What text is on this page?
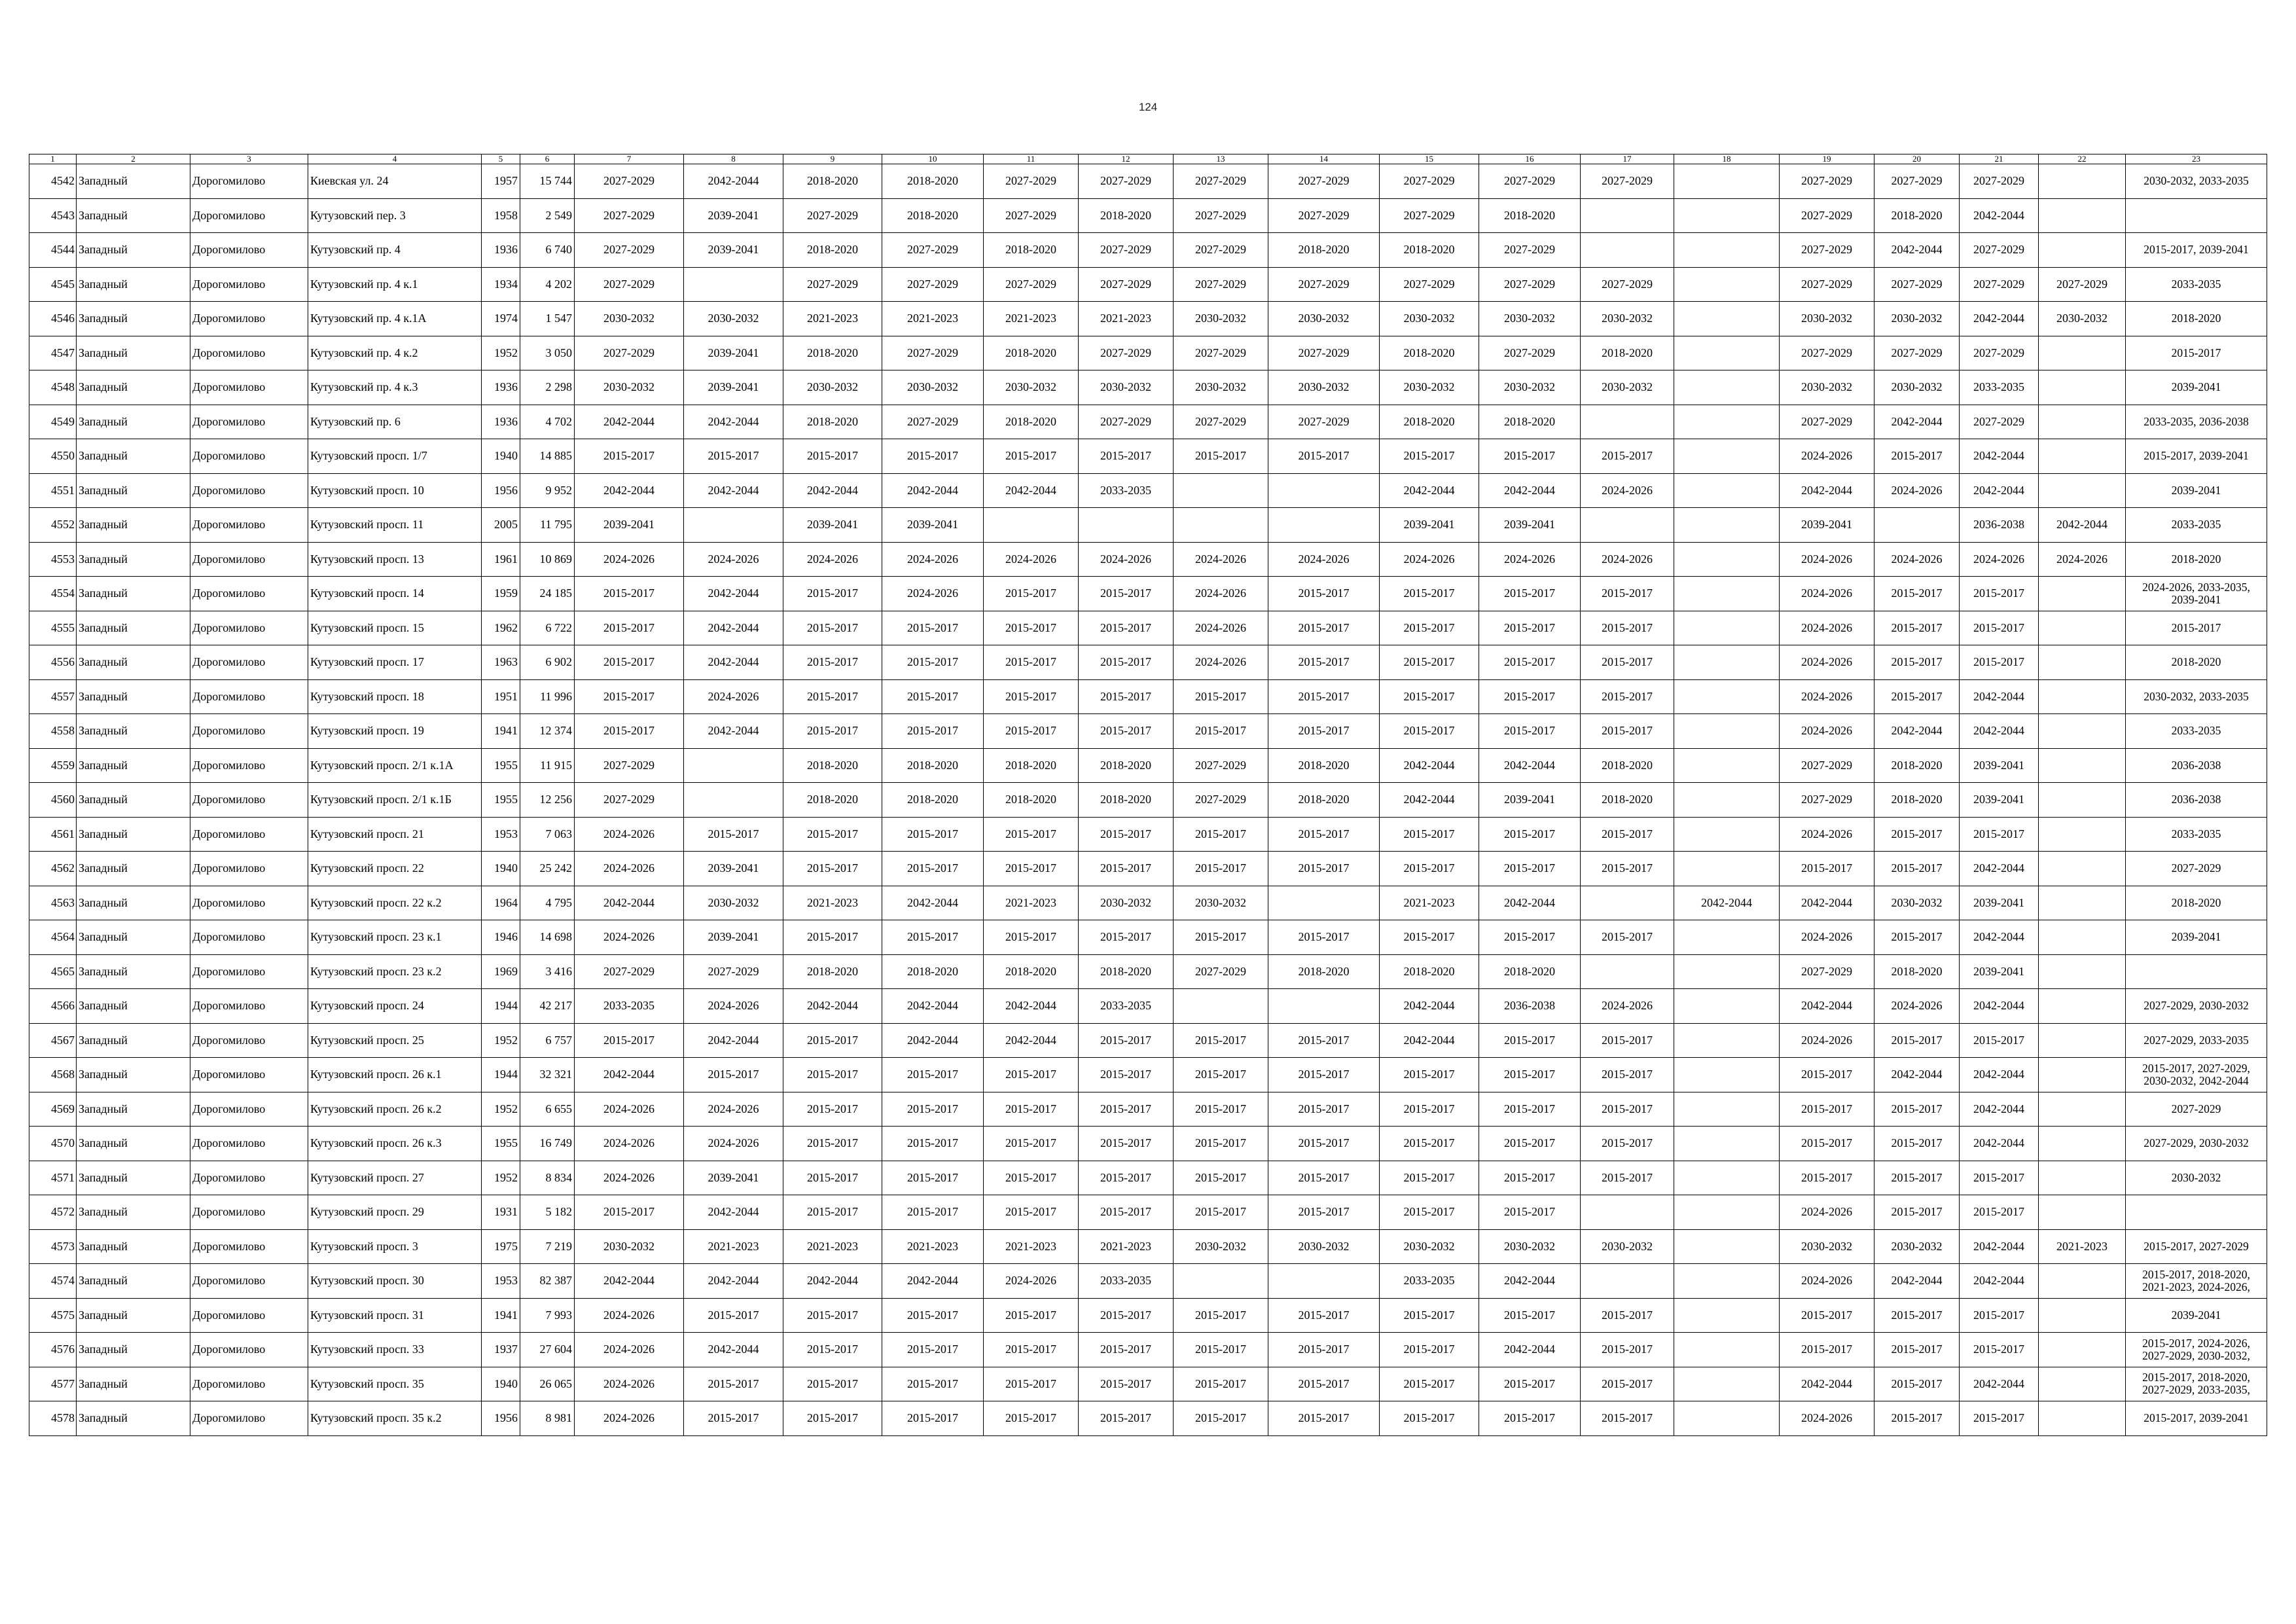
124
1	2	3	4	5	6	7	8	9	10	11	12	13	14	15	16	17	18	19	20	21	22	23
4542	Западный	Дорогомилово	Киевская ул. 24	1957	15 744	2027-2029	2042-2044	2018-2020	2018-2020	2027-2029	2027-2029	2027-2029	2027-2029	2027-2029	2027-2029	2027-2029		2027-2029	2027-2029	2027-2029		2030-2032, 2033-2035
4543	Западный	Дорогомилово	Кутузовский пер. 3	1958	2 549	2027-2029	2039-2041	2027-2029	2018-2020	2027-2029	2018-2020	2027-2029	2027-2029	2027-2029	2018-2020			2027-2029	2018-2020	2042-2044		
4544	Западный	Дорогомилово	Кутузовский пр. 4	1936	6 740	2027-2029	2039-2041	2018-2020	2027-2029	2018-2020	2027-2029	2027-2029	2018-2020	2018-2020	2027-2029			2027-2029	2042-2044	2027-2029		2015-2017, 2039-2041
4545	Западный	Дорогомилово	Кутузовский пр. 4 к.1	1934	4 202	2027-2029		2027-2029	2027-2029	2027-2029	2027-2029	2027-2029	2027-2029	2027-2029	2027-2029	2027-2029		2027-2029	2027-2029	2027-2029	2027-2029	2033-2035
4546	Западный	Дорогомилово	Кутузовский пр. 4 к.1А	1974	1 547	2030-2032	2030-2032	2021-2023	2021-2023	2021-2023	2021-2023	2030-2032	2030-2032	2030-2032	2030-2032	2030-2032		2030-2032	2030-2032	2042-2044	2030-2032	2018-2020
4547	Западный	Дорогомилово	Кутузовский пр. 4 к.2	1952	3 050	2027-2029	2039-2041	2018-2020	2027-2029	2018-2020	2027-2029	2027-2029	2027-2029	2018-2020	2027-2029	2018-2020		2027-2029	2027-2029	2027-2029		2015-2017
4548	Западный	Дорогомилово	Кутузовский пр. 4 к.3	1936	2 298	2030-2032	2039-2041	2030-2032	2030-2032	2030-2032	2030-2032	2030-2032	2030-2032	2030-2032	2030-2032	2030-2032		2030-2032	2030-2032	2033-2035		2039-2041
4549	Западный	Дорогомилово	Кутузовский пр. 6	1936	4 702	2042-2044	2042-2044	2018-2020	2027-2029	2018-2020	2027-2029	2027-2029	2027-2029	2018-2020	2018-2020			2027-2029	2042-2044	2027-2029		2033-2035, 2036-2038
4550	Западный	Дорогомилово	Кутузовский просп. 1/7	1940	14 885	2015-2017	2015-2017	2015-2017	2015-2017	2015-2017	2015-2017	2015-2017	2015-2017	2015-2017	2015-2017	2015-2017		2024-2026	2015-2017	2042-2044		2015-2017, 2039-2041
4551	Западный	Дорогомилово	Кутузовский просп. 10	1956	9 952	2042-2044	2042-2044	2042-2044	2042-2044	2042-2044	2033-2035			2042-2044	2042-2044	2024-2026		2042-2044	2024-2026	2042-2044		2039-2041
4552	Западный	Дорогомилово	Кутузовский просп. 11	2005	11 795	2039-2041		2039-2041	2039-2041					2039-2041	2039-2041			2039-2041		2036-2038	2042-2044	2033-2035
4553	Западный	Дорогомилово	Кутузовский просп. 13	1961	10 869	2024-2026	2024-2026	2024-2026	2024-2026	2024-2026	2024-2026	2024-2026	2024-2026	2024-2026	2024-2026	2024-2026		2024-2026	2024-2026	2024-2026	2024-2026	2018-2020
4554	Западный	Дорогомилово	Кутузовский просп. 14	1959	24 185	2015-2017	2042-2044	2015-2017	2024-2026	2015-2017	2015-2017	2024-2026	2015-2017	2015-2017	2015-2017	2015-2017		2024-2026	2015-2017	2015-2017		2024-2026, 2033-2035, 2039-2041
4555	Западный	Дорогомилово	Кутузовский просп. 15	1962	6 722	2015-2017	2042-2044	2015-2017	2015-2017	2015-2017	2015-2017	2024-2026	2015-2017	2015-2017	2015-2017	2015-2017		2024-2026	2015-2017	2015-2017		2015-2017
4556	Западный	Дорогомилово	Кутузовский просп. 17	1963	6 902	2015-2017	2042-2044	2015-2017	2015-2017	2015-2017	2015-2017	2024-2026	2015-2017	2015-2017	2015-2017	2015-2017		2024-2026	2015-2017	2015-2017		2018-2020
4557	Западный	Дорогомилово	Кутузовский просп. 18	1951	11 996	2015-2017	2024-2026	2015-2017	2015-2017	2015-2017	2015-2017	2015-2017	2015-2017	2015-2017	2015-2017	2015-2017		2024-2026	2015-2017	2042-2044		2030-2032, 2033-2035
4558	Западный	Дорогомилово	Кутузовский просп. 19	1941	12 374	2015-2017	2042-2044	2015-2017	2015-2017	2015-2017	2015-2017	2015-2017	2015-2017	2015-2017	2015-2017	2015-2017		2024-2026	2042-2044	2042-2044		2033-2035
4559	Западный	Дорогомилово	Кутузовский просп. 2/1 к.1А	1955	11 915	2027-2029		2018-2020	2018-2020	2018-2020	2018-2020	2027-2029	2018-2020	2042-2044	2042-2044	2018-2020		2027-2029	2018-2020	2039-2041		2036-2038
4560	Западный	Дорогомилово	Кутузовский просп. 2/1 к.1Б	1955	12 256	2027-2029		2018-2020	2018-2020	2018-2020	2018-2020	2027-2029	2018-2020	2042-2044	2039-2041	2018-2020		2027-2029	2018-2020	2039-2041		2036-2038
4561	Западный	Дорогомилово	Кутузовский просп. 21	1953	7 063	2024-2026	2015-2017	2015-2017	2015-2017	2015-2017	2015-2017	2015-2017	2015-2017	2015-2017	2015-2017	2015-2017		2024-2026	2015-2017	2015-2017		2033-2035
4562	Западный	Дорогомилово	Кутузовский просп. 22	1940	25 242	2024-2026	2039-2041	2015-2017	2015-2017	2015-2017	2015-2017	2015-2017	2015-2017	2015-2017	2015-2017	2015-2017		2015-2017	2015-2017	2042-2044		2027-2029
4563	Западный	Дорогомилово	Кутузовский просп. 22 к.2	1964	4 795	2042-2044	2030-2032	2021-2023	2042-2044	2021-2023	2030-2032	2030-2032		2021-2023	2042-2044		2042-2044	2042-2044	2030-2032	2039-2041		2018-2020
4564	Западный	Дорогомилово	Кутузовский просп. 23 к.1	1946	14 698	2024-2026	2039-2041	2015-2017	2015-2017	2015-2017	2015-2017	2015-2017	2015-2017	2015-2017	2015-2017	2015-2017		2024-2026	2015-2017	2042-2044		2039-2041
4565	Западный	Дорогомилово	Кутузовский просп. 23 к.2	1969	3 416	2027-2029	2027-2029	2018-2020	2018-2020	2018-2020	2018-2020	2027-2029	2018-2020	2018-2020	2018-2020			2027-2029	2018-2020	2039-2041		
4566	Западный	Дорогомилово	Кутузовский просп. 24	1944	42 217	2033-2035	2024-2026	2042-2044	2042-2044	2042-2044	2033-2035			2042-2044	2036-2038	2024-2026		2042-2044	2024-2026	2042-2044		2027-2029, 2030-2032
4567	Западный	Дорогомилово	Кутузовский просп. 25	1952	6 757	2015-2017	2042-2044	2015-2017	2042-2044	2042-2044	2015-2017	2015-2017	2015-2017	2042-2044	2015-2017	2015-2017		2024-2026	2015-2017	2015-2017		2027-2029, 2033-2035
4568	Западный	Дорогомилово	Кутузовский просп. 26 к.1	1944	32 321	2042-2044	2015-2017	2015-2017	2015-2017	2015-2017	2015-2017	2015-2017	2015-2017	2015-2017	2015-2017	2015-2017		2015-2017	2042-2044	2042-2044		2015-2017, 2027-2029, 2030-2032, 2042-2044
4569	Западный	Дорогомилово	Кутузовский просп. 26 к.2	1952	6 655	2024-2026	2024-2026	2015-2017	2015-2017	2015-2017	2015-2017	2015-2017	2015-2017	2015-2017	2015-2017	2015-2017		2015-2017	2015-2017	2042-2044		2027-2029
4570	Западный	Дорогомилово	Кутузовский просп. 26 к.3	1955	16 749	2024-2026	2024-2026	2015-2017	2015-2017	2015-2017	2015-2017	2015-2017	2015-2017	2015-2017	2015-2017	2015-2017		2015-2017	2015-2017	2042-2044		2027-2029, 2030-2032
4571	Западный	Дорогомилово	Кутузовский просп. 27	1952	8 834	2024-2026	2039-2041	2015-2017	2015-2017	2015-2017	2015-2017	2015-2017	2015-2017	2015-2017	2015-2017	2015-2017		2015-2017	2015-2017	2015-2017		2030-2032
4572	Западный	Дорогомилово	Кутузовский просп. 29	1931	5 182	2015-2017	2042-2044	2015-2017	2015-2017	2015-2017	2015-2017	2015-2017	2015-2017	2015-2017	2015-2017			2024-2026	2015-2017	2015-2017		
4573	Западный	Дорогомилово	Кутузовский просп. 3	1975	7 219	2030-2032	2021-2023	2021-2023	2021-2023	2021-2023	2021-2023	2030-2032	2030-2032	2030-2032	2030-2032	2030-2032		2030-2032	2030-2032	2042-2044	2021-2023	2015-2017, 2027-2029
4574	Западный	Дорогомилово	Кутузовский просп. 30	1953	82 387	2042-2044	2042-2044	2042-2044	2042-2044	2024-2026	2033-2035			2033-2035	2042-2044			2024-2026	2042-2044	2042-2044		2015-2017, 2018-2020, 2021-2023, 2024-2026,
4575	Западный	Дорогомилово	Кутузовский просп. 31	1941	7 993	2024-2026	2015-2017	2015-2017	2015-2017	2015-2017	2015-2017	2015-2017	2015-2017	2015-2017	2015-2017	2015-2017		2015-2017	2015-2017	2015-2017		2039-2041
4576	Западный	Дорогомилово	Кутузовский просп. 33	1937	27 604	2024-2026	2042-2044	2015-2017	2015-2017	2015-2017	2015-2017	2015-2017	2015-2017	2015-2017	2042-2044	2015-2017		2015-2017	2015-2017	2015-2017		2015-2017, 2024-2026, 2027-2029, 2030-2032,
4577	Западный	Дорогомилово	Кутузовский просп. 35	1940	26 065	2024-2026	2015-2017	2015-2017	2015-2017	2015-2017	2015-2017	2015-2017	2015-2017	2015-2017	2015-2017	2015-2017		2042-2044	2015-2017	2042-2044		2015-2017, 2018-2020, 2027-2029, 2033-2035,
4578	Западный	Дорогомилово	Кутузовский просп. 35 к.2	1956	8 981	2024-2026	2015-2017	2015-2017	2015-2017	2015-2017	2015-2017	2015-2017	2015-2017	2015-2017	2015-2017	2015-2017		2024-2026	2015-2017	2015-2017		2015-2017, 2039-2041
